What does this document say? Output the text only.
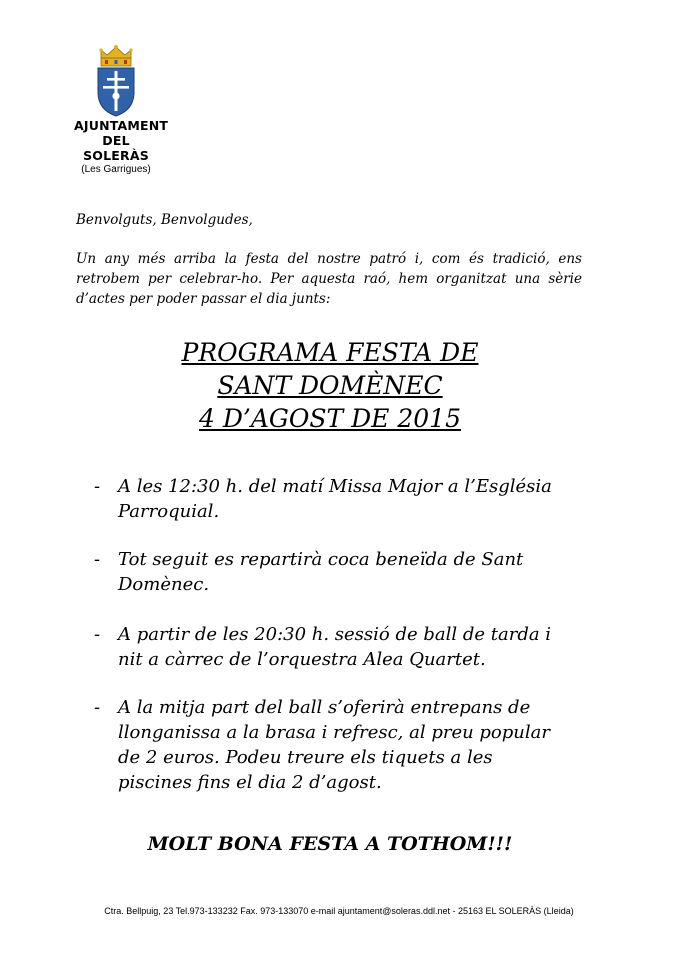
AJUNTAMENT
DEL SOLERÀS
(Les Garrigues)
Benvolguts, Benvolgudes,
Un any més arriba la festa del nostre patró i, com és tradició, ens retrobem per celebrar-ho. Per aquesta raó, hem organitzat una sèrie d’actes per poder passar el dia junts:
PROGRAMA FESTA DE
SANT DOMÈNEC
4 D’AGOST DE 2015
- A les 12:30 h. del matí Missa Major a l’Església Parroquial.
- Tot seguit es repartirà coca beneïda de Sant Domènec.
- A partir de les 20:30 h. sessió de ball de tarda i nit a càrrec de l’orquestra Alea Quartet.
- A la mitja part del ball s’oferirà entrepans de llonganissa a la brasa i refresc, al preu popular de 2 euros. Podeu treure els tiquets a les piscines fins el dia 2 d’agost.
MOLT BONA FESTA A TOTHOM!!!
Ctra. Bellpuig, 23 Tel.973-133232 Fax. 973-133070 e-mail ajuntament@soleras.ddl.net - 25163 EL SOLERÀS (Lleida)
